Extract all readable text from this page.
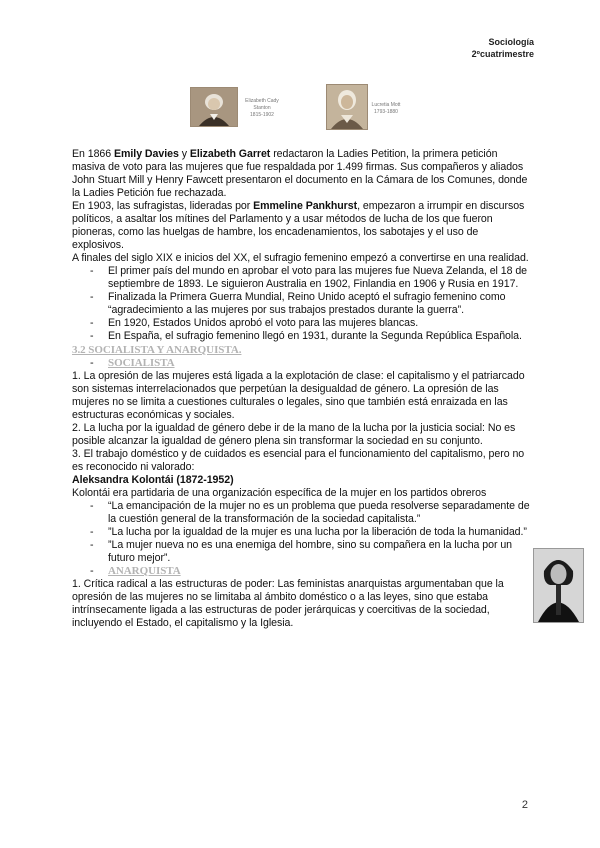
Sociología
2ºcuatrimestre
Elizabeth Cady
Stanton
1815-1902
Lucretia Mott
1793-1880

En 1866 Emily Davies y Elizabeth Garret redactaron la Ladies Petition, la primera petición masiva de voto para las mujeres que fue respaldada por 1.499 firmas. Sus compañeros y aliados John Stuart Mill y Henry Fawcett presentaron el documento en la Cámara de los Comunes, donde la Ladies Petición fue rechazada.

En 1903, las sufragistas, lideradas por Emmeline Pankhurst, empezaron a irrumpir en discursos políticos, a asaltar los mítines del Parlamento y a usar métodos de lucha de los que fueron pioneras, como las huelgas de hambre, los encadenamientos, los sabotajes y el uso de explosivos.

A finales del siglo XIX e inicios del XX, el sufragio femenino empezó a convertirse en una realidad.

- El primer país del mundo en aprobar el voto para las mujeres fue Nueva Zelanda, el 18 de septiembre de 1893. Le siguieron Australia en 1902, Finlandia en 1906 y Rusia en 1917.
- Finalizada la Primera Guerra Mundial, Reino Unido aceptó el sufragio femenino como “agradecimiento a las mujeres por sus trabajos prestados durante la guerra”.
- En 1920, Estados Unidos aprobó el voto para las mujeres blancas.
- En España, el sufragio femenino llegó en 1931, durante la Segunda República Española.
3.2 SOCIALISTA Y ANARQUISTA.
- SOCIALISTA

1. La opresión de las mujeres está ligada a la explotación de clase: el capitalismo y el patriarcado son sistemas interrelacionados que perpetúan la desigualdad de género. La opresión de las mujeres no se limita a cuestiones culturales o legales, sino que también está enraizada en las estructuras económicas y sociales.

2. La lucha por la igualdad de género debe ir de la mano de la lucha por la justicia social: No es posible alcanzar la igualdad de género plena sin transformar la sociedad en su conjunto.

3. El trabajo doméstico y de cuidados es esencial para el funcionamiento del capitalismo, pero no es reconocido ni valorado:

Aleksandra Kolontái (1872-1952)

Kolontái era partidaria de una organización específica de la mujer en los partidos obreros

- “La emancipación de la mujer no es un problema que pueda resolverse separadamente de la cuestión general de la transformación de la sociedad capitalista.”
- ”La lucha por la igualdad de la mujer es una lucha por la liberación de toda la humanidad.”
- ”La mujer nueva no es una enemiga del hombre, sino su compañera en la lucha por un futuro mejor”.
- ANARQUISTA

1. Crítica radical a las estructuras de poder: Las feministas anarquistas argumentaban que la opresión de las mujeres no se limitaba al ámbito doméstico o a las leyes, sino que estaba intrínsecamente ligada a las estructuras de poder jerárquicas y coercitivas de la sociedad, incluyendo el Estado, el capitalismo y la Iglesia.

2
